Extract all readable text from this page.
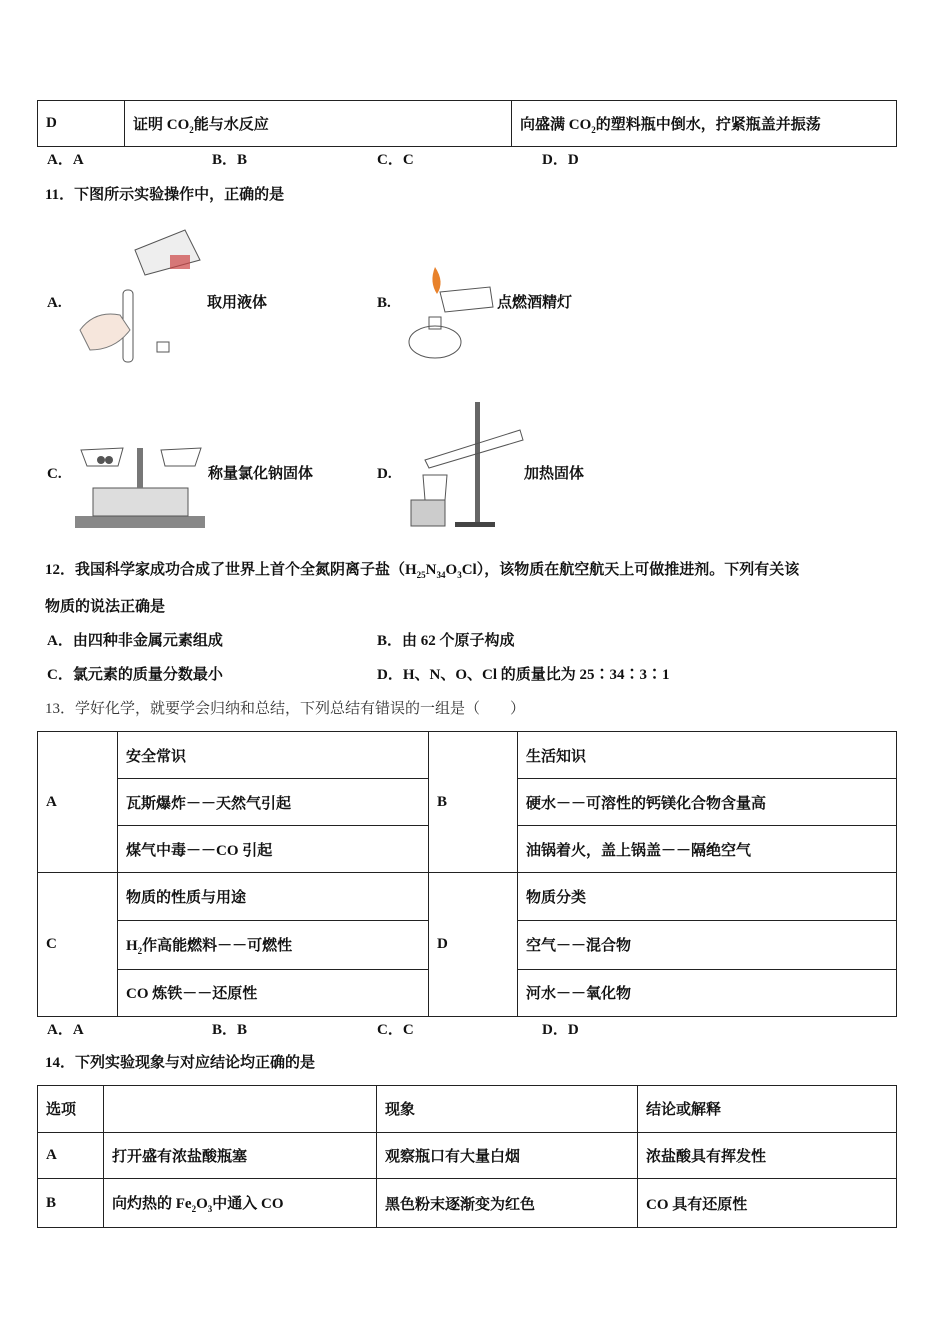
D	证明 $CO_2$能与水反应	向盛满 $CO_2$的塑料瓶中倒水，拧紧瓶盖并振荡
A．A	B．B	C．C	D．D
11．下图所示实验操作中，正确的是
A.	取用液体	B.	点燃酒精灯
C.	称量氯化钠固体	D.	加热固体
12．我国科学家成功合成了世界上首个全氮阴离子盐$(H_{25}N_{34}O_3Cl)$，该物质在航空航天上可做推进剂。下列有关该
物质的说法正确是
A．由四种非金属元素组成	B．由 62 个原子构成
C．氯元素的质量分数最小	D．H、N、O、Cl 的质量比为 25∶34∶3∶1
13．学好化学，就要学会归纳和总结，下列总结有错误的一组是（　　）
A	安全常识	B	生活知识
	瓦斯爆炸－－天然气引起		硬水－－可溶性的钙镁化合物含量高
	煤气中毒－－CO 引起		油锅着火，盖上锅盖－－隔绝空气
C	物质的性质与用途	D	物质分类
	$H_2$作高能燃料－－可燃性		空气－－混合物
	CO 炼铁－－还原性		河水－－氧化物
A．A	B．B	C．C	D．D
14．下列实验现象与对应结论均正确的是
选项		现象	结论或解释
A	打开盛有浓盐酸瓶塞	观察瓶口有大量白烟	浓盐酸具有挥发性
B	向灼热的 $Fe_2O_3$中通入 CO	黑色粉末逐渐变为红色	CO 具有还原性
